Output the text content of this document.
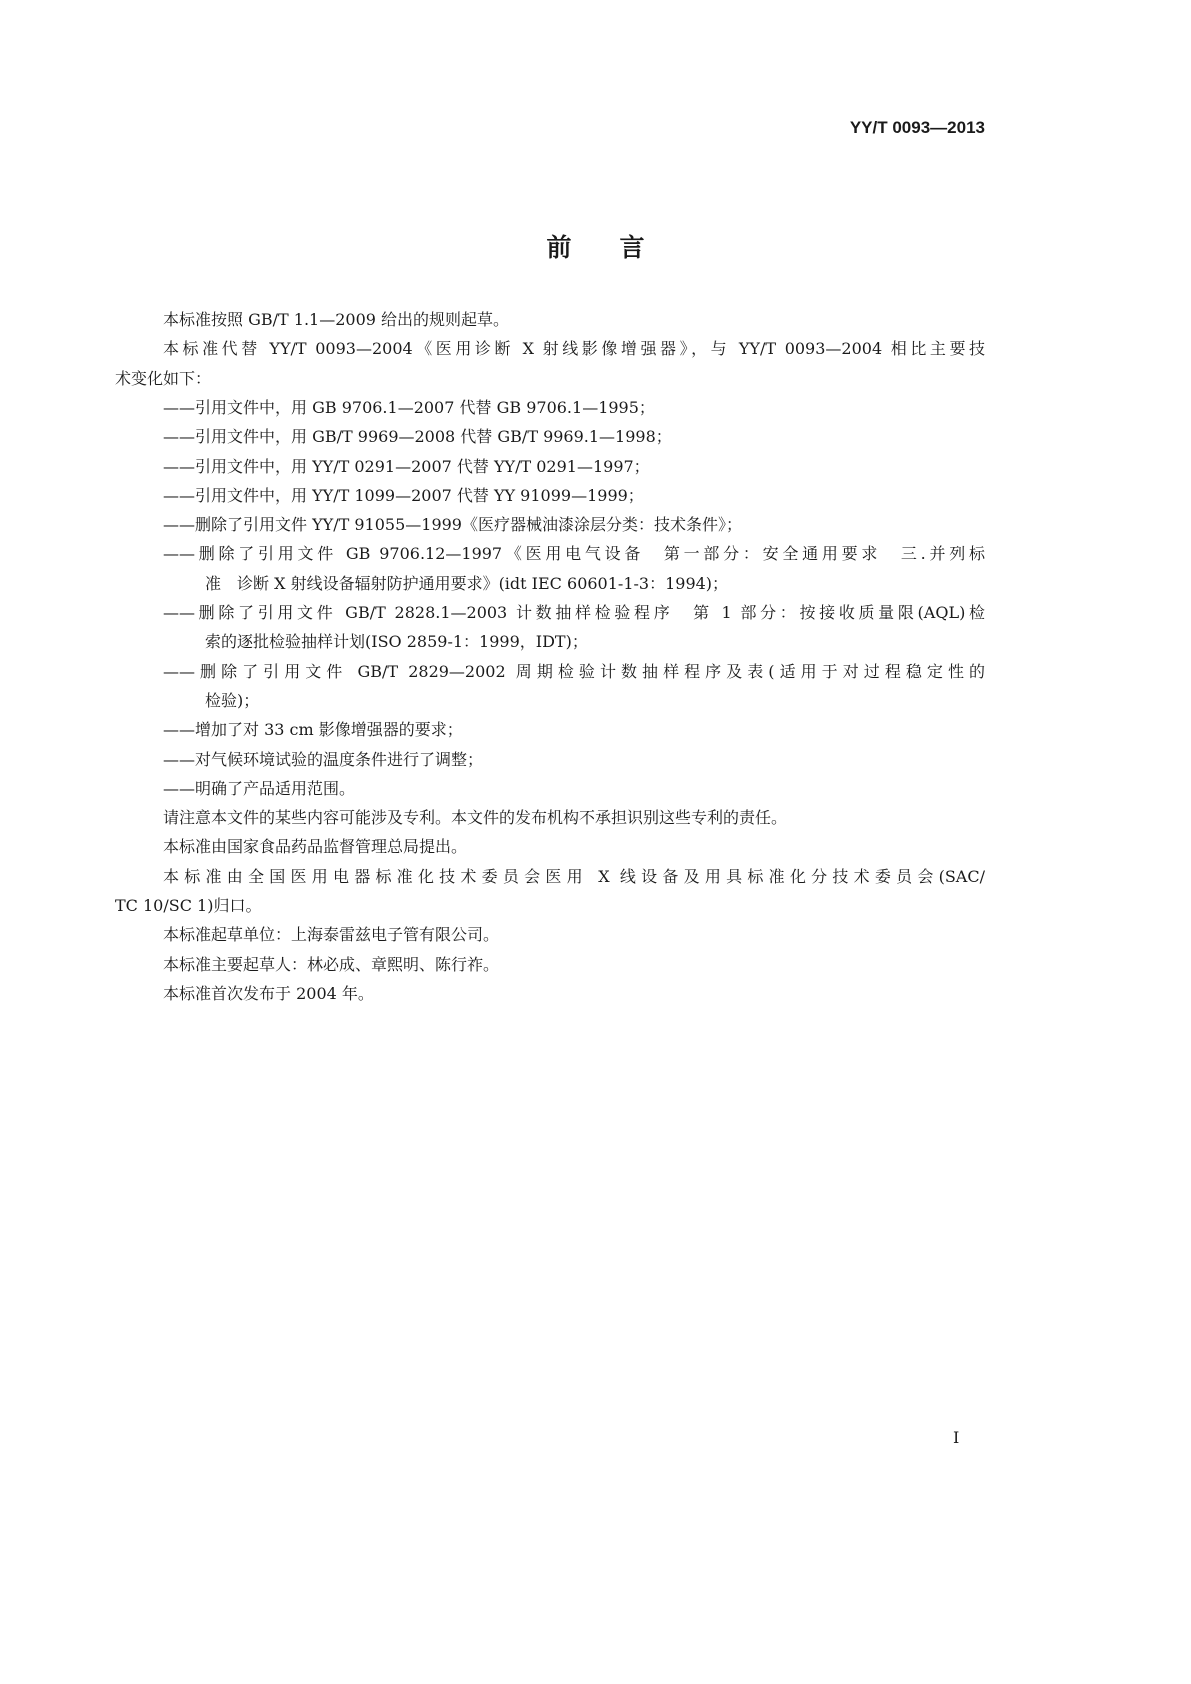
YY/T 0093—2013
前言
本标准按照 GB/T 1.1—2009 给出的规则起草。
本标准代替 YY/T 0093—2004《医用诊断 X 射线影像增强器》，与 YY/T 0093—2004 相比主要技
术变化如下：
——引用文件中，用 GB 9706.1—2007 代替 GB 9706.1—1995；
——引用文件中，用 GB/T 9969—2008 代替 GB/T 9969.1—1998；
——引用文件中，用 YY/T 0291—2007 代替 YY/T 0291—1997；
——引用文件中，用 YY/T 1099—2007 代替 YY 91099—1999；
——删除了引用文件 YY/T 91055—1999《医疗器械油漆涂层分类：技术条件》；
——删除了引用文件 GB 9706.12—1997《医用电气设备　第一部分：安全通用要求　三.并列标
准　诊断 X 射线设备辐射防护通用要求》(idt IEC 60601-1-3：1994)；
——删除了引用文件 GB/T 2828.1—2003 计数抽样检验程序　第 1 部分：按接收质量限(AQL)检
索的逐批检验抽样计划(ISO 2859-1：1999，IDT)；
——删除了引用文件 GB/T 2829—2002 周期检验计数抽样程序及表(适用于对过程稳定性的
检验)；
——增加了对 33 cm 影像增强器的要求；
——对气候环境试验的温度条件进行了调整；
——明确了产品适用范围。
请注意本文件的某些内容可能涉及专利。本文件的发布机构不承担识别这些专利的责任。
本标准由国家食品药品监督管理总局提出。
本标准由全国医用电器标准化技术委员会医用 X 线设备及用具标准化分技术委员会(SAC/
TC 10/SC 1)归口。
本标准起草单位：上海泰雷兹电子管有限公司。
本标准主要起草人：林必成、章熙明、陈行祚。
本标准首次发布于 2004 年。
I
